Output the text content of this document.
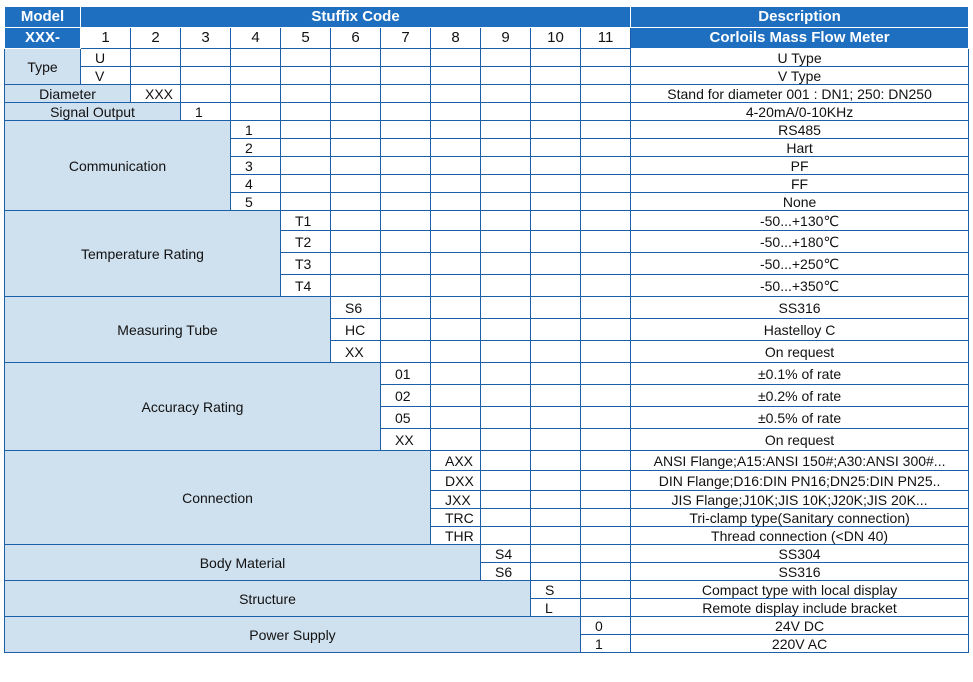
Model	Stuffix Code											Description
XXX-	1	2	3	4	5	6	7	8	9	10	11	Corloils Mass Flow Meter
Type	U											U Type
	V											V Type
Diameter		XXX										Stand for diameter 001 : DN1; 250: DN250
Signal Output			1									4-20mA/0-10KHz
Communication				1								RS485
				2								Hart
				3								PF
				4								FF
				5								None
Temperature Rating					T1							-50...+130℃
					T2							-50...+180℃
					T3							-50...+250℃
					T4							-50...+350℃
Measuring Tube						S6						SS316
						HC						Hastelloy C
						XX						On request
Accuracy Rating							01					±0.1% of rate
							02					±0.2% of rate
							05					±0.5% of rate
							XX					On request
Connection								AXX				ANSI Flange;A15:ANSI 150#;A30:ANSI 300#...
								DXX				DIN Flange;D16:DIN PN16;DN25:DIN PN25..
								JXX				JIS Flange;J10K;JIS 10K;J20K;JIS 20K...
								TRC				Tri-clamp type(Sanitary connection)
								THR				Thread connection (<DN 40)
Body Material									S4			SS304
									S6			SS316
Structure										S		Compact type with local display
										L		Remote display include bracket
Power Supply											0	24V DC
											1	220V AC
